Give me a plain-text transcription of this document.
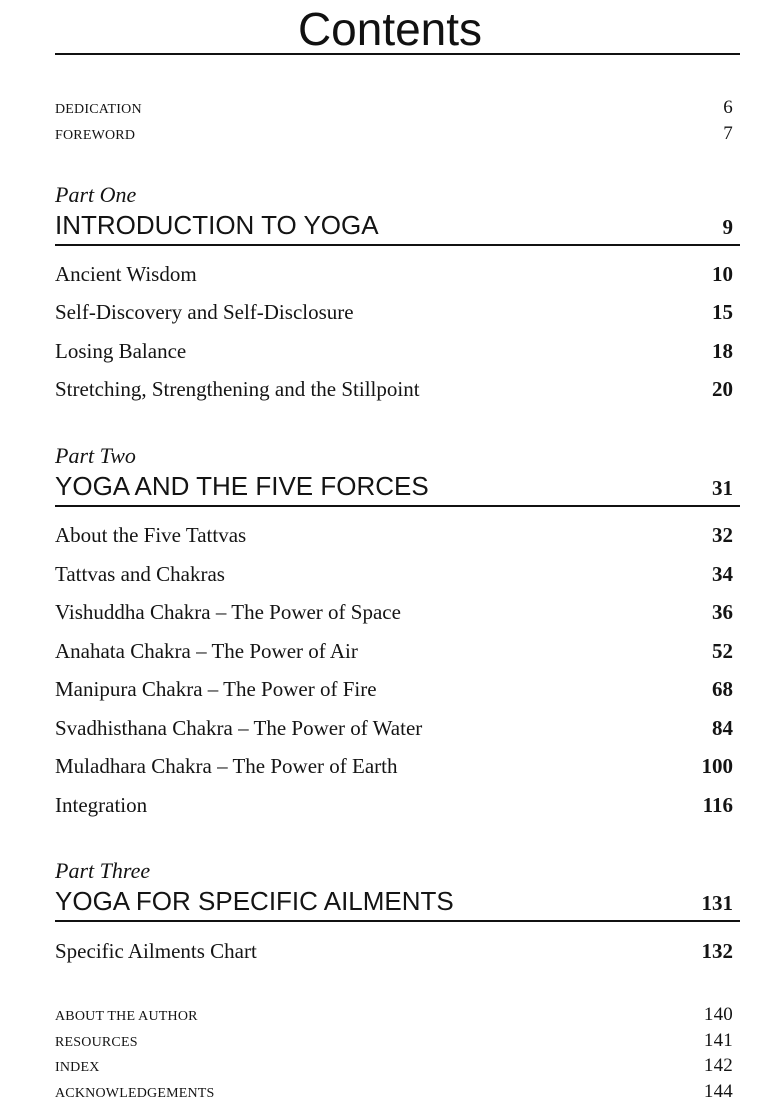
Contents
DEDICATION	6
FOREWORD	7
Part One
INTRODUCTION TO YOGA	9
Ancient Wisdom	10
Self-Discovery and Self-Disclosure	15
Losing Balance	18
Stretching, Strengthening and the Stillpoint	20
Part Two
YOGA AND THE FIVE FORCES	31
About the Five Tattvas	32
Tattvas and Chakras	34
Vishuddha Chakra – The Power of Space	36
Anahata Chakra – The Power of Air	52
Manipura Chakra – The Power of Fire	68
Svadhisthana Chakra – The Power of Water	84
Muladhara Chakra – The Power of Earth	100
Integration	116
Part Three
YOGA FOR SPECIFIC AILMENTS	131
Specific Ailments Chart	132
ABOUT THE AUTHOR	140
RESOURCES	141
INDEX	142
ACKNOWLEDGEMENTS	144
